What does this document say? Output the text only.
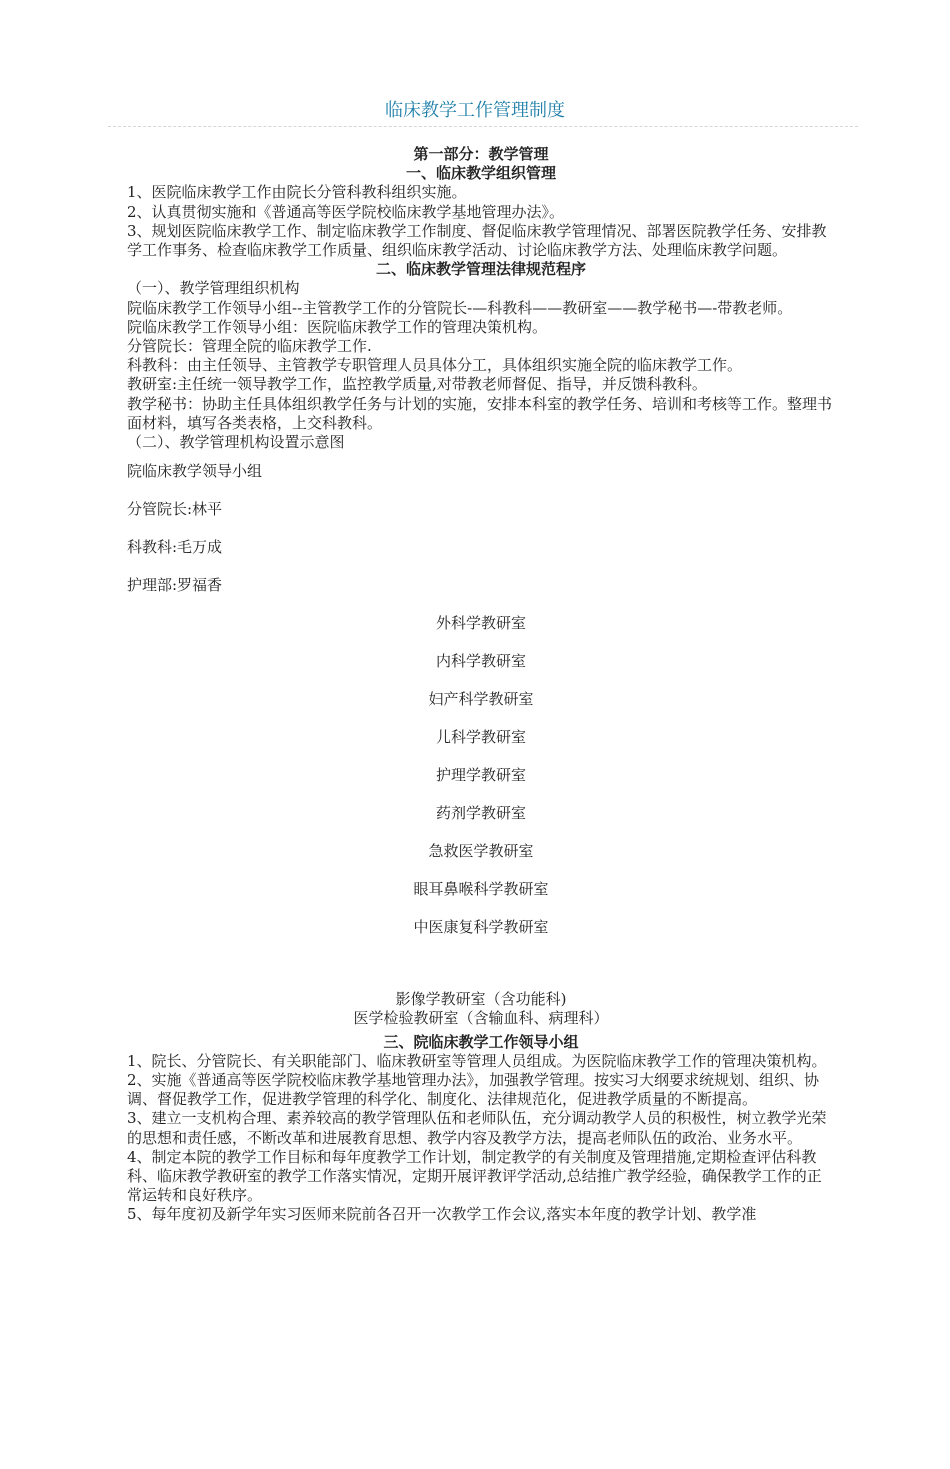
临床教学工作管理制度

第一部分：教学管理

一、临床教学组织管理

1、医院临床教学工作由院长分管科教科组织实施。

2、认真贯彻实施和《普通高等医学院校临床教学基地管理办法》。

3、规划医院临床教学工作、制定临床教学工作制度、督促临床教学管理情况、部署医院教学任务、安排教学工作事务、检查临床教学工作质量、组织临床教学活动、讨论临床教学方法、处理临床教学问题。

二、临床教学管理法律规范程序

（一）、教学管理组织机构

院临床教学工作领导小组--主管教学工作的分管院长-—科教科——教研室——教学秘书—-带教老师。

院临床教学工作领导小组：医院临床教学工作的管理决策机构。

分管院长：管理全院的临床教学工作.

科教科：由主任领导、主管教学专职管理人员具体分工，具体组织实施全院的临床教学工作。

教研室:主任统一领导教学工作，监控教学质量,对带教老师督促、指导，并反馈科教科。

教学秘书：协助主任具体组织教学任务与计划的实施，安排本科室的教学任务、培训和考核等工作。整理书面材料，填写各类表格，上交科教科。

（二）、教学管理机构设置示意图

院临床教学领导小组

分管院长:林平

科教科:毛万成

护理部:罗福香

外科学教研室

内科学教研室

妇产科学教研室

儿科学教研室

护理学教研室

药剂学教研室

急救医学教研室

眼耳鼻喉科学教研室

中医康复科学教研室

影像学教研室（含功能科)

医学检验教研室（含输血科、病理科）

三、院临床教学工作领导小组

1、院长、分管院长、有关职能部门、临床教研室等管理人员组成。为医院临床教学工作的管理决策机构。

2、实施《普通高等医学院校临床教学基地管理办法》，加强教学管理。按实习大纲要求统规划、组织、协调、督促教学工作，促进教学管理的科学化、制度化、法律规范化，促进教学质量的不断提高。

3、建立一支机构合理、素养较高的教学管理队伍和老师队伍，充分调动教学人员的积极性，树立教学光荣的思想和责任感，不断改革和进展教育思想、教学内容及教学方法，提高老师队伍的政治、业务水平。

4、制定本院的教学工作目标和每年度教学工作计划，制定教学的有关制度及管理措施,定期检查评估科教科、临床教学教研室的教学工作落实情况，定期开展评教评学活动,总结推广教学经验，确保教学工作的正常运转和良好秩序。

5、每年度初及新学年实习医师来院前各召开一次教学工作会议,落实本年度的教学计划、教学准
